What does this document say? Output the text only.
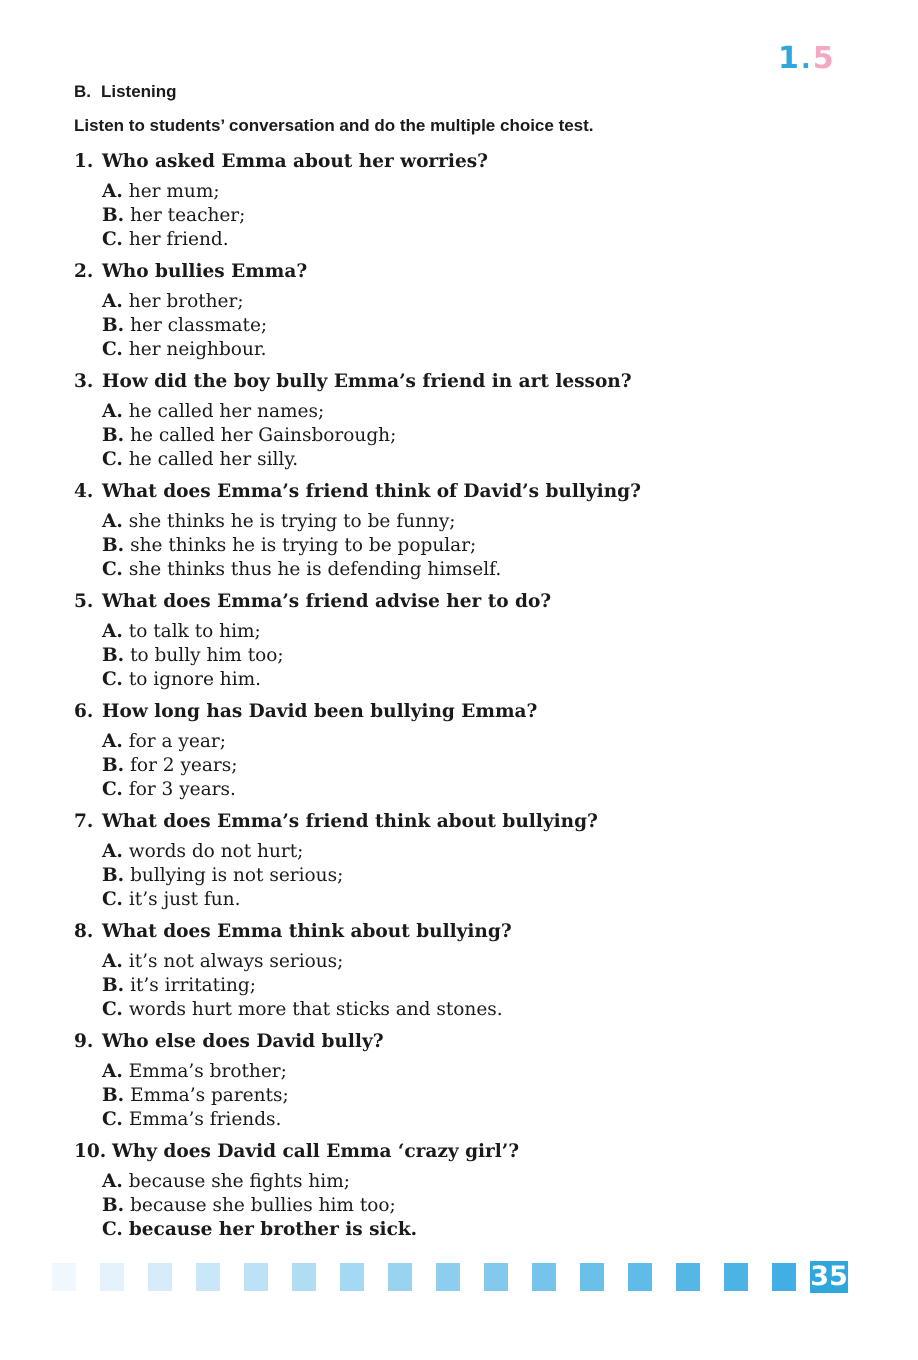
1.5
B. Listening
Listen to students’ conversation and do the multiple choice test.
1. Who asked Emma about her worries?
A. her mum;
B. her teacher;
C. her friend.
2. Who bullies Emma?
A. her brother;
B. her classmate;
C. her neighbour.
3. How did the boy bully Emma’s friend in art lesson?
A. he called her names;
B. he called her Gainsborough;
C. he called her silly.
4. What does Emma’s friend think of David’s bullying?
A. she thinks he is trying to be funny;
B. she thinks he is trying to be popular;
C. she thinks thus he is defending himself.
5. What does Emma’s friend advise her to do?
A. to talk to him;
B. to bully him too;
C. to ignore him.
6. How long has David been bullying Emma?
A. for a year;
B. for 2 years;
C. for 3 years.
7. What does Emma’s friend think about bullying?
A. words do not hurt;
B. bullying is not serious;
C. it’s just fun.
8. What does Emma think about bullying?
A. it’s not always serious;
B. it’s irritating;
C. words hurt more that sticks and stones.
9. Who else does David bully?
A. Emma’s brother;
B. Emma’s parents;
C. Emma’s friends.
10. Why does David call Emma ‘crazy girl’?
A. because she fights him;
B. because she bullies him too;
C. because her brother is sick.
35
